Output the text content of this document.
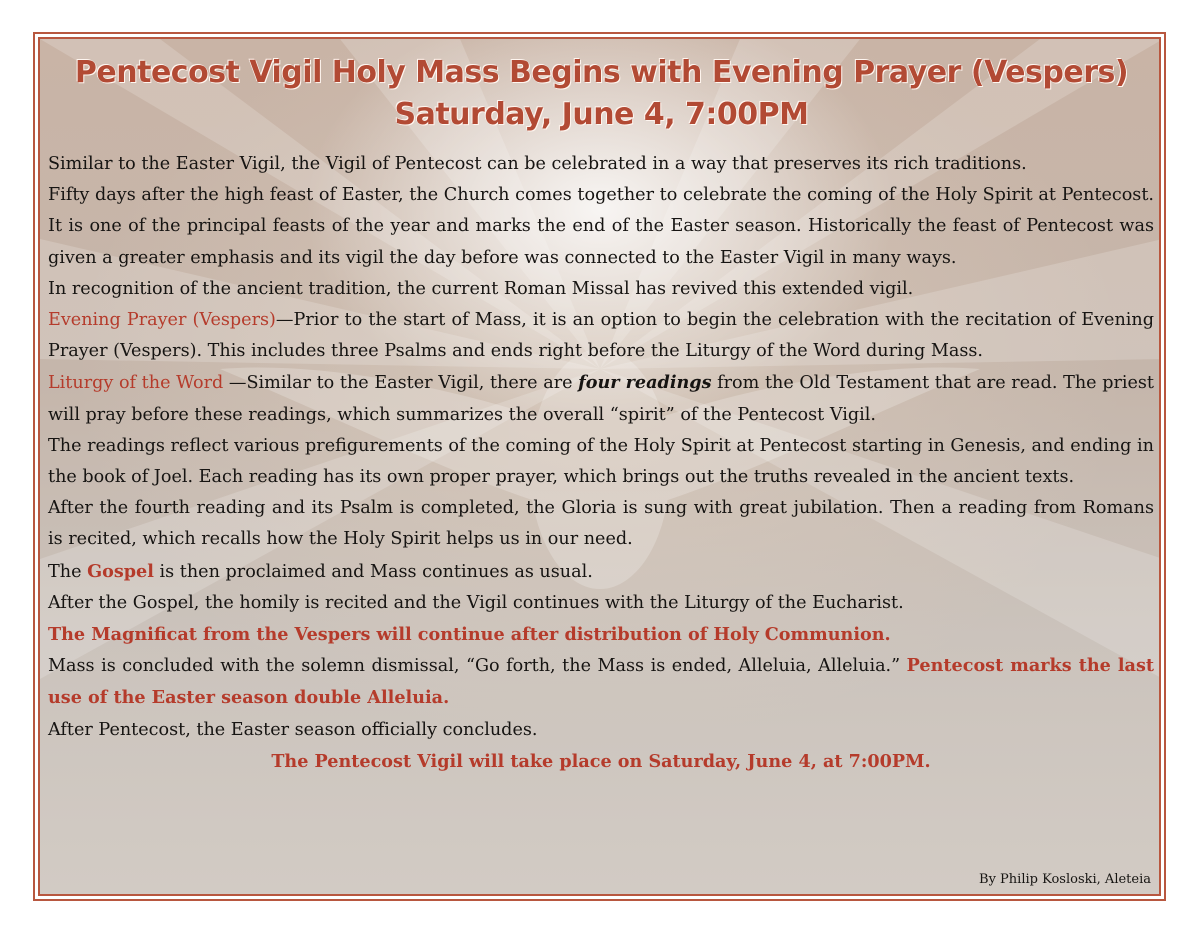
Pentecost Vigil Holy Mass Begins with Evening Prayer (Vespers)
Saturday, June 4, 7:00PM

Similar to the Easter Vigil, the Vigil of Pentecost can be celebrated in a way that preserves its rich traditions.

Fifty days after the high feast of Easter, the Church comes together to celebrate the coming of the Holy Spirit at Pentecost. It is one of the principal feasts of the year and marks the end of the Easter season. Historically the feast of Pentecost was given a greater emphasis and its vigil the day before was connected to the Easter Vigil in many ways.

In recognition of the ancient tradition, the current Roman Missal has revived this extended vigil.

Evening Prayer (Vespers)—Prior to the start of Mass, it is an option to begin the celebration with the recitation of Evening Prayer (Vespers). This includes three Psalms and ends right before the Liturgy of the Word during Mass.

Liturgy of the Word —Similar to the Easter Vigil, there are four readings from the Old Testament that are read. The priest will pray before these readings, which summarizes the overall “spirit” of the Pentecost Vigil.

The readings reflect various prefigurements of the coming of the Holy Spirit at Pentecost starting in Genesis, and ending in the book of Joel. Each reading has its own proper prayer, which brings out the truths revealed in the ancient texts.

After the fourth reading and its Psalm is completed, the Gloria is sung with great jubilation. Then a reading from Romans is recited, which recalls how the Holy Spirit helps us in our need.

The Gospel is then proclaimed and Mass continues as usual.

After the Gospel, the homily is recited and the Vigil continues with the Liturgy of the Eucharist.

The Magnificat from the Vespers will continue after distribution of Holy Communion.

Mass is concluded with the solemn dismissal, “Go forth, the Mass is ended, Alleluia, Alleluia.” Pentecost marks the last use of the Easter season double Alleluia.

After Pentecost, the Easter season officially concludes.

The Pentecost Vigil will take place on Saturday, June 4, at 7:00PM.

By Philip Kosloski, Aleteia
